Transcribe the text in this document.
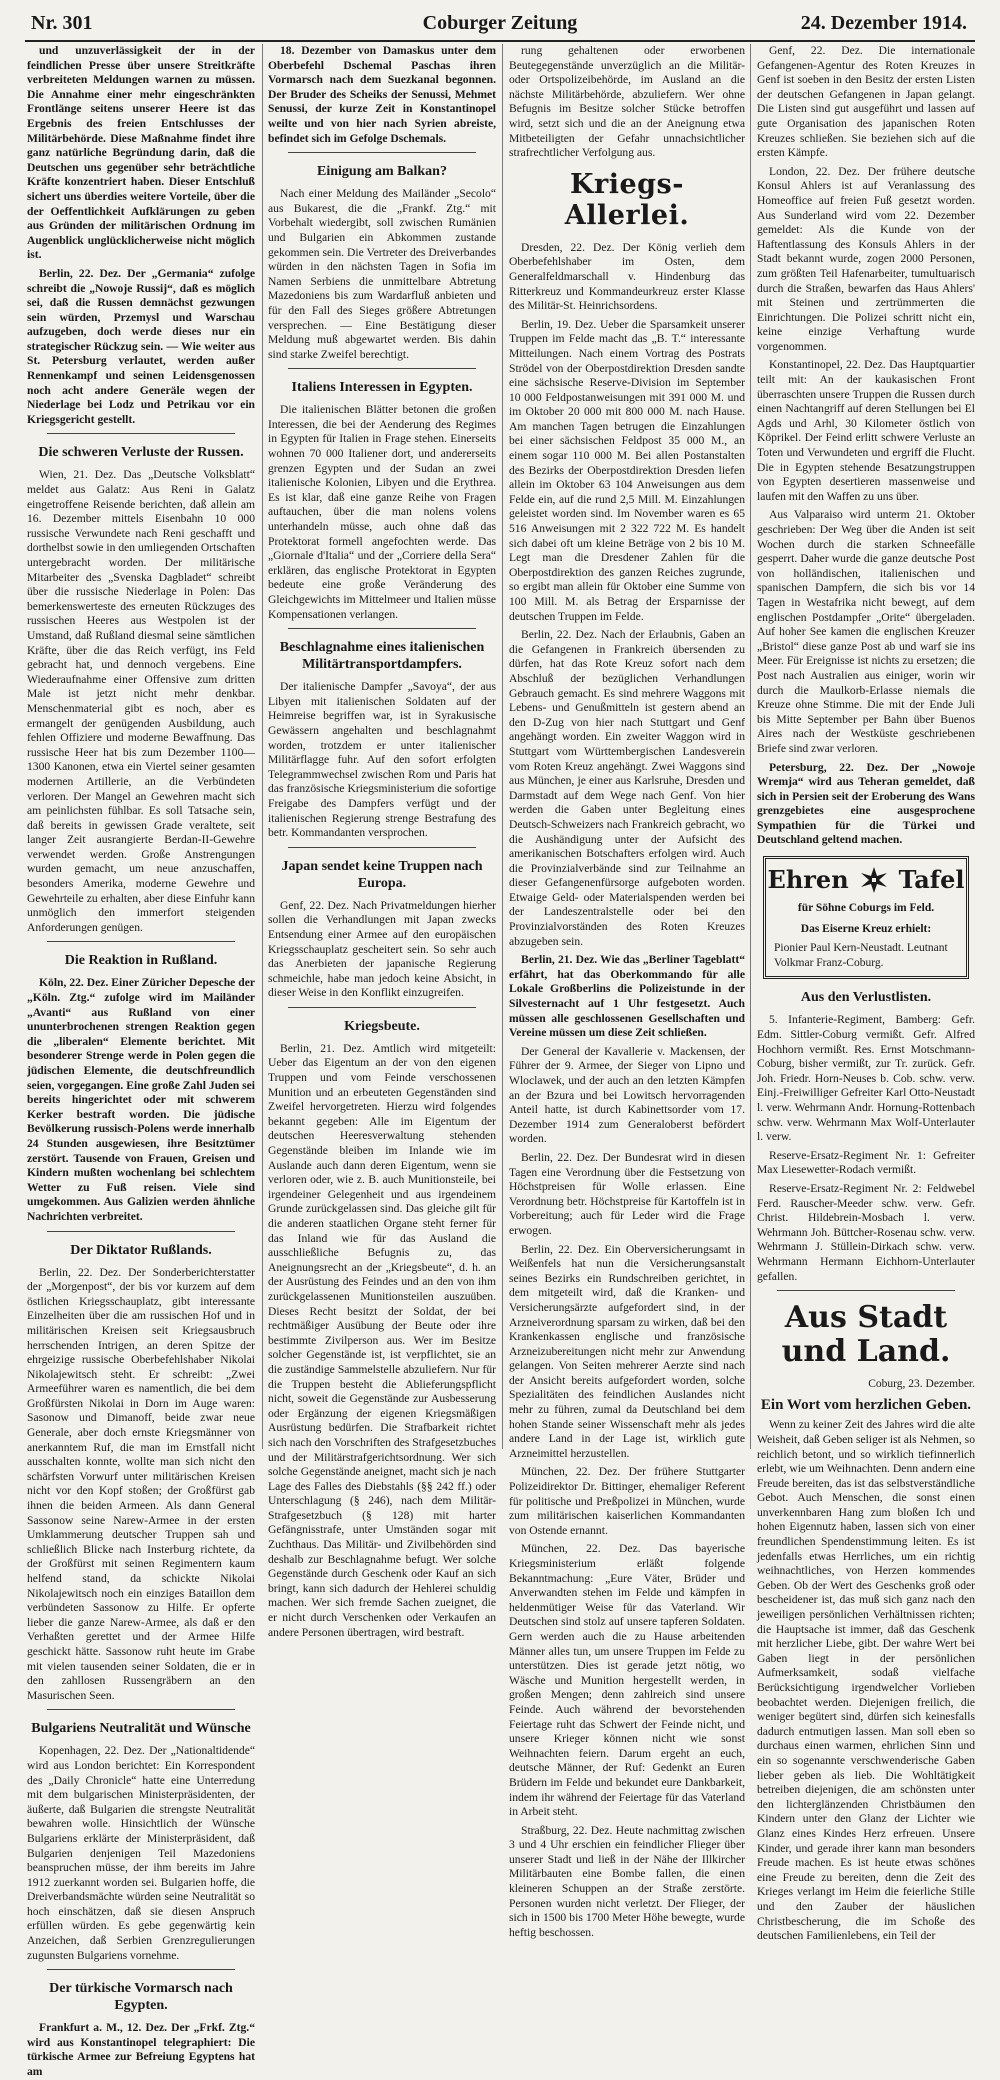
Nr. 301	Coburger Zeitung	24. Dezember 1914.

und unzuverlässigkeit der in der feindlichen Presse über unsere Streitkräfte verbreiteten Meldungen warnen zu müssen. Die Annahme einer mehr eingeschränkten Frontlänge seitens unserer Heere ist das Ergebnis des freien Entschlusses der Militärbehörde. Diese Maßnahme findet ihre ganz natürliche Begründung darin, daß die Deutschen uns gegenüber sehr beträchtliche Kräfte konzentriert haben. Dieser Entschluß sichert uns überdies weitere Vorteile, über die der Oeffentlichkeit Aufklärungen zu geben aus Gründen der militärischen Ordnung im Augenblick unglücklicherweise nicht möglich ist.

Berlin, 22. Dez. Der „Germania“ zufolge schreibt die „Nowoje Russij“, daß es möglich sei, daß die Russen demnächst gezwungen sein würden, Przemysl und Warschau aufzugeben, doch werde dieses nur ein strategischer Rückzug sein. — Wie weiter aus St. Petersburg verlautet, werden außer Rennenkampf und seinen Leidensgenossen noch acht andere Generäle wegen der Niederlage bei Lodz und Petrikau vor ein Kriegsgericht gestellt.

Die schweren Verluste der Russen.

Wien, 21. Dez. Das „Deutsche Volksblatt“ meldet aus Galatz: Aus Reni in Galatz eingetroffene Reisende berichten, daß allein am 16. Dezember mittels Eisenbahn 10 000 russische Verwundete nach Reni geschafft und dorthelbst sowie in den umliegenden Ortschaften untergebracht worden. Der militärische Mitarbeiter des „Svenska Dagbladet“ schreibt über die russische Niederlage in Polen: Das bemerkenswerteste des erneuten Rückzuges des russischen Heeres aus Westpolen ist der Umstand, daß Rußland diesmal seine sämtlichen Kräfte, über die das Reich verfügt, ins Feld gebracht hat, und dennoch vergebens. Eine Wiederaufnahme einer Offensive zum dritten Male ist jetzt nicht mehr denkbar. Menschenmaterial gibt es noch, aber es ermangelt der genügenden Ausbildung, auch fehlen Offiziere und moderne Bewaffnung. Das russische Heer hat bis zum Dezember 1100—1300 Kanonen, etwa ein Viertel seiner gesamten modernen Artillerie, an die Verbündeten verloren. Der Mangel an Gewehren macht sich am peinlichsten fühlbar. Es soll Tatsache sein, daß bereits in gewissen Grade veraltete, seit langer Zeit ausrangierte Berdan-II-Gewehre verwendet werden. Große Anstrengungen wurden gemacht, um neue anzuschaffen, besonders Amerika, moderne Gewehre und Gewehrteile zu erhalten, aber diese Einfuhr kann unmöglich den immerfort steigenden Anforderungen genügen.

Die Reaktion in Rußland.

Köln, 22. Dez. Einer Züricher Depesche der „Köln. Ztg.“ zufolge wird im Mailänder „Avanti“ aus Rußland von einer ununterbrochenen strengen Reaktion gegen die „liberalen“ Elemente berichtet. Mit besonderer Strenge werde in Polen gegen die jüdischen Elemente, die deutschfreundlich seien, vorgegangen. Eine große Zahl Juden sei bereits hingerichtet oder mit schwerem Kerker bestraft worden. Die jüdische Bevölkerung russisch-Polens werde innerhalb 24 Stunden ausgewiesen, ihre Besitztümer zerstört. Tausende von Frauen, Greisen und Kindern mußten wochenlang bei schlechtem Wetter zu Fuß reisen. Viele sind umgekommen. Aus Galizien werden ähnliche Nachrichten verbreitet.

Der Diktator Rußlands.

Berlin, 22. Dez. Der Sonderberichterstatter der „Morgenpost“, der bis vor kurzem auf dem östlichen Kriegsschauplatz, gibt interessante Einzelheiten über die am russischen Hof und in militärischen Kreisen seit Kriegsausbruch herrschenden Intrigen, an deren Spitze der ehrgeizige russische Oberbefehlshaber Nikolai Nikolajewitsch steht. Er schreibt: „Zwei Armeeführer waren es namentlich, die bei dem Großfürsten Nikolai in Dorn im Auge waren: Sasonow und Dimanoff, beide zwar neue Generale, aber doch ernste Kriegsmänner von anerkanntem Ruf, die man im Ernstfall nicht ausschalten konnte, wollte man sich nicht den schärfsten Vorwurf unter militärischen Kreisen nicht vor den Kopf stoßen; der Großfürst gab ihnen die beiden Armeen. Als dann General Sassonow seine Narew-Armee in der ersten Umklammerung deutscher Truppen sah und schließlich Blicke nach Insterburg richtete, da der Großfürst mit seinen Regimentern kaum helfend stand, da schickte Nikolai Nikolajewitsch noch ein einziges Bataillon dem verbündeten Sassonow zu Hilfe. Er opferte lieber die ganze Narew-Armee, als daß er den Verhaßten gerettet und der Armee Hilfe geschickt hätte. Sassonow ruht heute im Grabe mit vielen tausenden seiner Soldaten, die er in den zahllosen Russengräbern an den Masurischen Seen.

Bulgariens Neutralität und Wünsche

Kopenhagen, 22. Dez. Der „Nationaltidende“ wird aus London berichtet: Ein Korrespondent des „Daily Chronicle“ hatte eine Unterredung mit dem bulgarischen Ministerpräsidenten, der äußerte, daß Bulgarien die strengste Neutralität bewahren wolle. Hinsichtlich der Wünsche Bulgariens erklärte der Ministerpräsident, daß Bulgarien denjenigen Teil Mazedoniens beanspruchen müsse, der ihm bereits im Jahre 1912 zuerkannt worden sei. Bulgarien hoffe, die Dreiverbandsmächte würden seine Neutralität so hoch einschätzen, daß sie diesen Anspruch erfüllen würden. Es gebe gegenwärtig kein Anzeichen, daß Serbien Grenzregulierungen zugunsten Bulgariens vornehme.

Der türkische Vormarsch nach Egypten.

Frankfurt a. M., 12. Dez. Der „Frkf. Ztg.“ wird aus Konstantinopel telegraphiert: Die türkische Armee zur Befreiung Egyptens hat am

18. Dezember von Damaskus unter dem Oberbefehl Dschemal Paschas ihren Vormarsch nach dem Suezkanal begonnen. Der Bruder des Scheiks der Senussi, Mehmet Senussi, der kurze Zeit in Konstantinopel weilte und von hier nach Syrien abreiste, befindet sich im Gefolge Dschemals.

Einigung am Balkan?

Nach einer Meldung des Mailänder „Secolo“ aus Bukarest, die die „Frankf. Ztg.“ mit Vorbehalt wiedergibt, soll zwischen Rumänien und Bulgarien ein Abkommen zustande gekommen sein. Die Vertreter des Dreiverbandes würden in den nächsten Tagen in Sofia im Namen Serbiens die unmittelbare Abtretung Mazedoniens bis zum Wardarfluß anbieten und für den Fall des Sieges größere Abtretungen versprechen. — Eine Bestätigung dieser Meldung muß abgewartet werden. Bis dahin sind starke Zweifel berechtigt.

Italiens Interessen in Egypten.

Die italienischen Blätter betonen die großen Interessen, die bei der Aenderung des Regimes in Egypten für Italien in Frage stehen. Einerseits wohnen 70 000 Italiener dort, und andererseits grenzen Egypten und der Sudan an zwei italienische Kolonien, Libyen und die Erythrea. Es ist klar, daß eine ganze Reihe von Fragen auftauchen, über die man nolens volens unterhandeln müsse, auch ohne daß das Protektorat formell angefochten werde. Das „Giornale d'Italia“ und der „Corriere della Sera“ erklären, das englische Protektorat in Egypten bedeute eine große Veränderung des Gleichgewichts im Mittelmeer und Italien müsse Kompensationen verlangen.

Beschlagnahme eines italienischen Militärtransportdampfers.

Der italienische Dampfer „Savoya“, der aus Libyen mit italienischen Soldaten auf der Heimreise begriffen war, ist in Syrakusische Gewässern angehalten und beschlagnahmt worden, trotzdem er unter italienischer Militärflagge fuhr. Auf den sofort erfolgten Telegrammwechsel zwischen Rom und Paris hat das französische Kriegsministerium die sofortige Freigabe des Dampfers verfügt und der italienischen Regierung strenge Bestrafung des betr. Kommandanten versprochen.

Japan sendet keine Truppen nach Europa.

Genf, 22. Dez. Nach Privatmeldungen hierher sollen die Verhandlungen mit Japan zwecks Entsendung einer Armee auf den europäischen Kriegsschauplatz gescheitert sein. So sehr auch das Anerbieten der japanische Regierung schmeichle, habe man jedoch keine Absicht, in dieser Weise in den Konflikt einzugreifen.

Kriegsbeute.

Berlin, 21. Dez. Amtlich wird mitgeteilt: Ueber das Eigentum an der von den eigenen Truppen und vom Feinde verschossenen Munition und an erbeuteten Gegenständen sind Zweifel hervorgetreten. Hierzu wird folgendes bekannt gegeben: Alle im Eigentum der deutschen Heeresverwaltung stehenden Gegenstände bleiben im Inlande wie im Auslande auch dann deren Eigentum, wenn sie verloren oder, wie z. B. auch Munitionsteile, bei irgendeiner Gelegenheit und aus irgendeinem Grunde zurückgelassen sind. Das gleiche gilt für die anderen staatlichen Organe steht ferner für das Inland wie für das Ausland die ausschließliche Befugnis zu, das Aneignungsrecht an der „Kriegsbeute“, d. h. an der Ausrüstung des Feindes und an den von ihm zurückgelassenen Munitionsteilen auszuüben. Dieses Recht besitzt der Soldat, der bei rechtmäßiger Ausübung der Beute oder ihre bestimmte Zivilperson aus. Wer im Besitze solcher Gegenstände ist, ist verpflichtet, sie an die zuständige Sammelstelle abzuliefern. Nur für die Truppen besteht die Ablieferungspflicht nicht, soweit die Gegenstände zur Ausbesserung oder Ergänzung der eigenen Kriegsmäßigen Ausrüstung bedürfen. Die Strafbarkeit richtet sich nach den Vorschriften des Strafgesetzbuches und der Militärstrafgerichtsordnung. Wer sich solche Gegenstände aneignet, macht sich je nach Lage des Falles des Diebstahls (§§ 242 ff.) oder Unterschlagung (§ 246), nach dem Militär-Strafgesetzbuch (§ 128) mit harter Gefängnisstrafe, unter Umständen sogar mit Zuchthaus. Das Militär- und Zivilbehörden sind deshalb zur Beschlagnahme befugt. Wer solche Gegenstände durch Geschenk oder Kauf an sich bringt, kann sich dadurch der Hehlerei schuldig machen. Wer sich fremde Sachen zueignet, die er nicht durch Verschenken oder Verkaufen an andere Personen übertragen, wird bestraft.

rung gehaltenen oder erworbenen Beutegegenstände unverzüglich an die Militär- oder Ortspolizeibehörde, im Ausland an die nächste Militärbehörde, abzuliefern. Wer ohne Befugnis im Besitze solcher Stücke betroffen wird, setzt sich und die an der Aneignung etwa Mitbeteiligten der Gefahr unnachsichtlicher strafrechtlicher Verfolgung aus.

Kriegs-Allerlei.

Dresden, 22. Dez. Der König verlieh dem Oberbefehlshaber im Osten, dem Generalfeldmarschall v. Hindenburg das Ritterkreuz und Kommandeurkreuz erster Klasse des Militär-St. Heinrichsordens.

Berlin, 19. Dez. Ueber die Sparsamkeit unserer Truppen im Felde macht das „B. T.“ interessante Mitteilungen. Nach einem Vortrag des Postrats Strödel von der Oberpostdirektion Dresden sandte eine sächsische Reserve-Division im September 10 000 Feldpostanweisungen mit 391 000 M. und im Oktober 20 000 mit 800 000 M. nach Hause. Am manchen Tagen betrugen die Einzahlungen bei einer sächsischen Feldpost 35 000 M., an einem sogar 110 000 M. Bei allen Postanstalten des Bezirks der Oberpostdirektion Dresden liefen allein im Oktober 63 104 Anweisungen aus dem Felde ein, auf die rund 2,5 Mill. M. Einzahlungen geleistet worden sind. Im November waren es 65 516 Anweisungen mit 2 322 722 M. Es handelt sich dabei oft um kleine Beträge von 2 bis 10 M. Legt man die Dresdener Zahlen für die Oberpostdirektion des ganzen Reiches zugrunde, so ergibt man allein für Oktober eine Summe von 100 Mill. M. als Betrag der Ersparnisse der deutschen Truppen im Felde.

Berlin, 22. Dez. Nach der Erlaubnis, Gaben an die Gefangenen in Frankreich übersenden zu dürfen, hat das Rote Kreuz sofort nach dem Abschluß der bezüglichen Verhandlungen Gebrauch gemacht. Es sind mehrere Waggons mit Lebens- und Genußmitteln ist gestern abend an den D-Zug von hier nach Stuttgart und Genf angehängt worden. Ein zweiter Waggon wird in Stuttgart vom Württembergischen Landesverein vom Roten Kreuz angehängt. Zwei Waggons sind aus München, je einer aus Karlsruhe, Dresden und Darmstadt auf dem Wege nach Genf. Von hier werden die Gaben unter Begleitung eines Deutsch-Schweizers nach Frankreich gebracht, wo die Aushändigung unter der Aufsicht des amerikanischen Botschafters erfolgen wird. Auch die Provinzialverbände sind zur Teilnahme an dieser Gefangenenfürsorge aufgeboten worden. Etwaige Geld- oder Materialspenden werden bei der Landeszentralstelle oder bei den Provinzialvorständen des Roten Kreuzes abzugeben sein.

Berlin, 21. Dez. Wie das „Berliner Tageblatt“ erfährt, hat das Oberkommando für alle Lokale Großberlins die Polizeistunde in der Silvesternacht auf 1 Uhr festgesetzt. Auch müssen alle geschlossenen Gesellschaften und Vereine müssen um diese Zeit schließen.

Der General der Kavallerie v. Mackensen, der Führer der 9. Armee, der Sieger von Lipno und Wloclawek, und der auch an den letzten Kämpfen an der Bzura und bei Lowitsch hervorragenden Anteil hatte, ist durch Kabinettsorder vom 17. Dezember 1914 zum Generaloberst befördert worden.

Berlin, 22. Dez. Der Bundesrat wird in diesen Tagen eine Verordnung über die Festsetzung von Höchstpreisen für Wolle erlassen. Eine Verordnung betr. Höchstpreise für Kartoffeln ist in Vorbereitung; auch für Leder wird die Frage erwogen.

Berlin, 22. Dez. Ein Oberversicherungsamt in Weißenfels hat nun die Versicherungsanstalt seines Bezirks ein Rundschreiben gerichtet, in dem mitgeteilt wird, daß die Kranken- und Versicherungsärzte aufgefordert sind, in der Arzneiverordnung sparsam zu wirken, daß bei den Krankenkassen englische und französische Arzneizubereitungen nicht mehr zur Anwendung gelangen. Von Seiten mehrerer Aerzte sind nach der Ansicht bereits aufgefordert worden, solche Spezialitäten des feindlichen Auslandes nicht mehr zu führen, zumal da Deutschland bei dem hohen Stande seiner Wissenschaft mehr als jedes andere Land in der Lage ist, wirklich gute Arzneimittel herzustellen.

München, 22. Dez. Der frühere Stuttgarter Polizeidirektor Dr. Bittinger, ehemaliger Referent für politische und Preßpolizei in München, wurde zum militärischen kaiserlichen Kommandanten von Ostende ernannt.

München, 22. Dez. Das bayerische Kriegsministerium erläßt folgende Bekanntmachung: „Eure Väter, Brüder und Anverwandten stehen im Felde und kämpfen in heldenmütiger Weise für das Vaterland. Wir Deutschen sind stolz auf unsere tapferen Soldaten. Gern werden auch die zu Hause arbeitenden Männer alles tun, um unsere Truppen im Felde zu unterstützen. Dies ist gerade jetzt nötig, wo Wäsche und Munition hergestellt werden, in großen Mengen; denn zahlreich sind unsere Feinde. Auch während der bevorstehenden Feiertage ruht das Schwert der Feinde nicht, und unsere Krieger können nicht wie sonst Weihnachten feiern. Darum ergeht an euch, deutsche Männer, der Ruf: Gedenkt an Euren Brüdern im Felde und bekundet eure Dankbarkeit, indem ihr während der Feiertage für das Vaterland in Arbeit steht.

Straßburg, 22. Dez. Heute nachmittag zwischen 3 und 4 Uhr erschien ein feindlicher Flieger über unserer Stadt und ließ in der Nähe der Illkircher Militärbauten eine Bombe fallen, die einen kleineren Schuppen an der Straße zerstörte. Personen wurden nicht verletzt. Der Flieger, der sich in 1500 bis 1700 Meter Höhe bewegte, wurde heftig beschossen.

Genf, 22. Dez. Die internationale Gefangenen-Agentur des Roten Kreuzes in Genf ist soeben in den Besitz der ersten Listen der deutschen Gefangenen in Japan gelangt. Die Listen sind gut ausgeführt und lassen auf gute Organisation des japanischen Roten Kreuzes schließen. Sie beziehen sich auf die ersten Kämpfe.

London, 22. Dez. Der frühere deutsche Konsul Ahlers ist auf Veranlassung des Homeoffice auf freien Fuß gesetzt worden. Aus Sunderland wird vom 22. Dezember gemeldet: Als die Kunde von der Haftentlassung des Konsuls Ahlers in der Stadt bekannt wurde, zogen 2000 Personen, zum größten Teil Hafenarbeiter, tumultuarisch durch die Straßen, bewarfen das Haus Ahlers' mit Steinen und zertrümmerten die Einrichtungen. Die Polizei schritt nicht ein, keine einzige Verhaftung wurde vorgenommen.

Konstantinopel, 22. Dez. Das Hauptquartier teilt mit: An der kaukasischen Front überraschten unsere Truppen die Russen durch einen Nachtangriff auf deren Stellungen bei El Agds und Arhl, 30 Kilometer östlich von Köprikel. Der Feind erlitt schwere Verluste an Toten und Verwundeten und ergriff die Flucht. Die in Egypten stehende Besatzungstruppen von Egypten desertieren massenweise und laufen mit den Waffen zu uns über.

Aus Valparaiso wird unterm 21. Oktober geschrieben: Der Weg über die Anden ist seit Wochen durch die starken Schneefälle gesperrt. Daher wurde die ganze deutsche Post von holländischen, italienischen und spanischen Dampfern, die sich bis vor 14 Tagen in Westafrika nicht bewegt, auf dem englischen Postdampfer „Orite“ übergeladen. Auf hoher See kamen die englischen Kreuzer „Bristol“ diese ganze Post ab und warf sie ins Meer. Für Ereignisse ist nichts zu ersetzen; die Post nach Australien aus einiger, worin wir durch die Maulkorb-Erlasse niemals die Kreuze ohne Stimme. Die mit der Ende Juli bis Mitte September per Bahn über Buenos Aires nach der Westküste geschriebenen Briefe sind zwar verloren.

Petersburg, 22. Dez. Der „Nowoje Wremja“ wird aus Teheran gemeldet, daß sich in Persien seit der Eroberung des Wans grenzgebietes eine ausgesprochene Sympathien für die Türkei und Deutschland geltend machen.

Ehren Tafel
für Söhne Coburgs im Feld.
Das Eiserne Kreuz erhielt:
Pionier Paul Kern-Neustadt. Leutnant Volkmar Franz-Coburg.
Aus den Verlustlisten.

5. Infanterie-Regiment, Bamberg: Gefr. Edm. Sittler-Coburg vermißt. Gefr. Alfred Hochhorn vermißt. Res. Ernst Motschmann-Coburg, bisher vermißt, zur Tr. zurück. Gefr. Joh. Friedr. Horn-Neuses b. Cob. schw. verw. Einj.-Freiwilliger Gefreiter Karl Otto-Neustadt l. verw. Wehrmann Andr. Hornung-Rottenbach schw. verw. Wehrmann Max Wolf-Unterlauter l. verw.

Reserve-Ersatz-Regiment Nr. 1: Gefreiter Max Liesewetter-Rodach vermißt.

Reserve-Ersatz-Regiment Nr. 2: Feldwebel Ferd. Rauscher-Meeder schw. verw. Gefr. Christ. Hildebrein-Mosbach l. verw. Wehrmann Joh. Büttcher-Rosenau schw. verw. Wehrmann J. Stüllein-Dirkach schw. verw. Wehrmann Hermann Eichhorn-Unterlauter gefallen.

Aus Stadt und Land.
Coburg, 23. Dezember.
Ein Wort vom herzlichen Geben.

Wenn zu keiner Zeit des Jahres wird die alte Weisheit, daß Geben seliger ist als Nehmen, so reichlich betont, und so wirklich tiefinnerlich erlebt, wie um Weihnachten. Denn andern eine Freude bereiten, das ist das selbstverständliche Gebot. Auch Menschen, die sonst einen unverkennbaren Hang zum bloßen Ich und hohen Eigennutz haben, lassen sich von einer freundlichen Spendenstimmung leiten. Es ist jedenfalls etwas Herrliches, um ein richtig weihnachtliches, von Herzen kommendes Geben. Ob der Wert des Geschenks groß oder bescheidener ist, das muß sich ganz nach den jeweiligen persönlichen Verhältnissen richten; die Hauptsache ist immer, daß das Geschenk mit herzlicher Liebe, gibt. Der wahre Wert bei Gaben liegt in der persönlichen Aufmerksamkeit, sodaß vielfache Berücksichtigung irgendwelcher Vorlieben beobachtet werden. Diejenigen freilich, die weniger begütert sind, dürfen sich keinesfalls dadurch entmutigen lassen. Man soll eben so durchaus einen warmen, ehrlichen Sinn und ein so sogenannte verschwenderische Gaben lieber geben als lieb. Die Wohltätigkeit betreiben diejenigen, die am schönsten unter den lichterglänzenden Christbäumen den Kindern unter den Glanz der Lichter wie Glanz eines Kindes Herz erfreuen. Unsere Kinder, und gerade ihrer kann man besonders Freude machen. Es ist heute etwas schönes eine Freude zu bereiten, denn die Zeit des Krieges verlangt im Heim die feierliche Stille und den Zauber der häuslichen Christbescherung, die im Schoße des deutschen Familienlebens, ein Teil der
